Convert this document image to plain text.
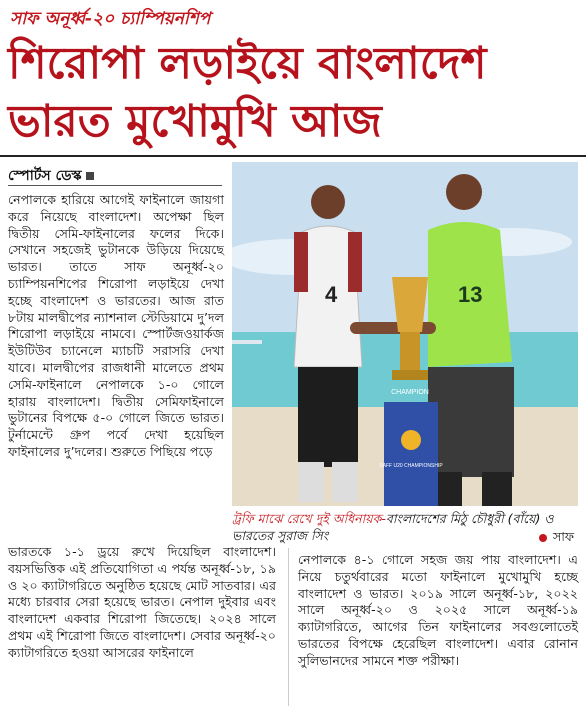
সাফ অনূর্ধ্ব-২০ চ্যাম্পিয়নশিপ
শিরোপা লড়াইয়ে বাংলাদেশ
ভারত মুখোমুখি আজ
স্পোর্টস ডেস্ক

নেপালকে হারিয়ে আগেই ফাইনালে জায়গা করে নিয়েছে বাংলাদেশ। অপেক্ষা ছিল দ্বিতীয় সেমি-ফাইনালের ফলের দিকে। সেখানে সহজেই ভুটানকে উড়িয়ে দিয়েছে ভারত। তাতে সাফ অনূর্ধ্ব-২০ চ্যাম্পিয়নশিপের শিরোপা লড়াইয়ে দেখা হচ্ছে বাংলাদেশ ও ভারতের। আজ রাত ৮টায় মালদ্বীপের ন্যাশনাল স্টেডিয়ামে দু’দল শিরোপা লড়াইয়ে নামবে। স্পোর্টজওয়ার্কজ ইউটিউব চ্যানেলে ম্যাচটি সরাসরি দেখা যাবে। মালদ্বীপের রাজধানী মালেতে প্রথম সেমি-ফাইনালে নেপালকে ১-০ গোলে হারায় বাংলাদেশ। দ্বিতীয় সেমিফাইনালে ভুটানের বিপক্ষে ৫-০ গোলে জিতে ভারত। টুর্নামেন্টে গ্রুপ পর্বে দেখা হয়েছিল ফাইনালের দু’দলের। শুরুতে পিছিয়ে পড়ে

4	13
CHAMPION
SAFF U20 CHAMPIONSHIP
ট্রফি মাঝে রেখে দুই অধিনায়ক-বাংলাদেশের মিঠু চৌধুরী (বাঁয়ে) ও ভারতের সুরাজ সিং	সাফ

ভারতকে ১-১ ড্রয়ে রুখে দিয়েছিল বাংলাদেশ। বয়সভিত্তিক এই প্রতিযোগিতা এ পর্যন্ত অনূর্ধ্ব-১৮, ১৯ ও ২০ ক্যাটাগরিতে অনুষ্ঠিত হয়েছে মোট সাতবার। এর মধ্যে চারবার সেরা হয়েছে ভারত। নেপাল দুইবার এবং বাংলাদেশ একবার শিরোপা জিতেছে। ২০২৪ সালে প্রথম এই শিরোপা জিতে বাংলাদেশ। সেবার অনূর্ধ্ব-২০ ক্যাটাগরিতে হওয়া আসরের ফাইনালে

নেপালকে ৪-১ গোলে সহজ জয় পায় বাংলাদেশ। এ নিয়ে চতুর্থবারের মতো ফাইনালে মুখোমুখি হচ্ছে বাংলাদেশ ও ভারত। ২০১৯ সালে অনূর্ধ্ব-১৮, ২০২২ সালে অনূর্ধ্ব-২০ ও ২০২৫ সালে অনূর্ধ্ব-১৯ ক্যাটাগরিতে, আগের তিন ফাইনালের সবগুলোতেই ভারতের বিপক্ষে হেরেছিল বাংলাদেশ। এবার রোনান সুলিভানদের সামনে শক্ত পরীক্ষা।
